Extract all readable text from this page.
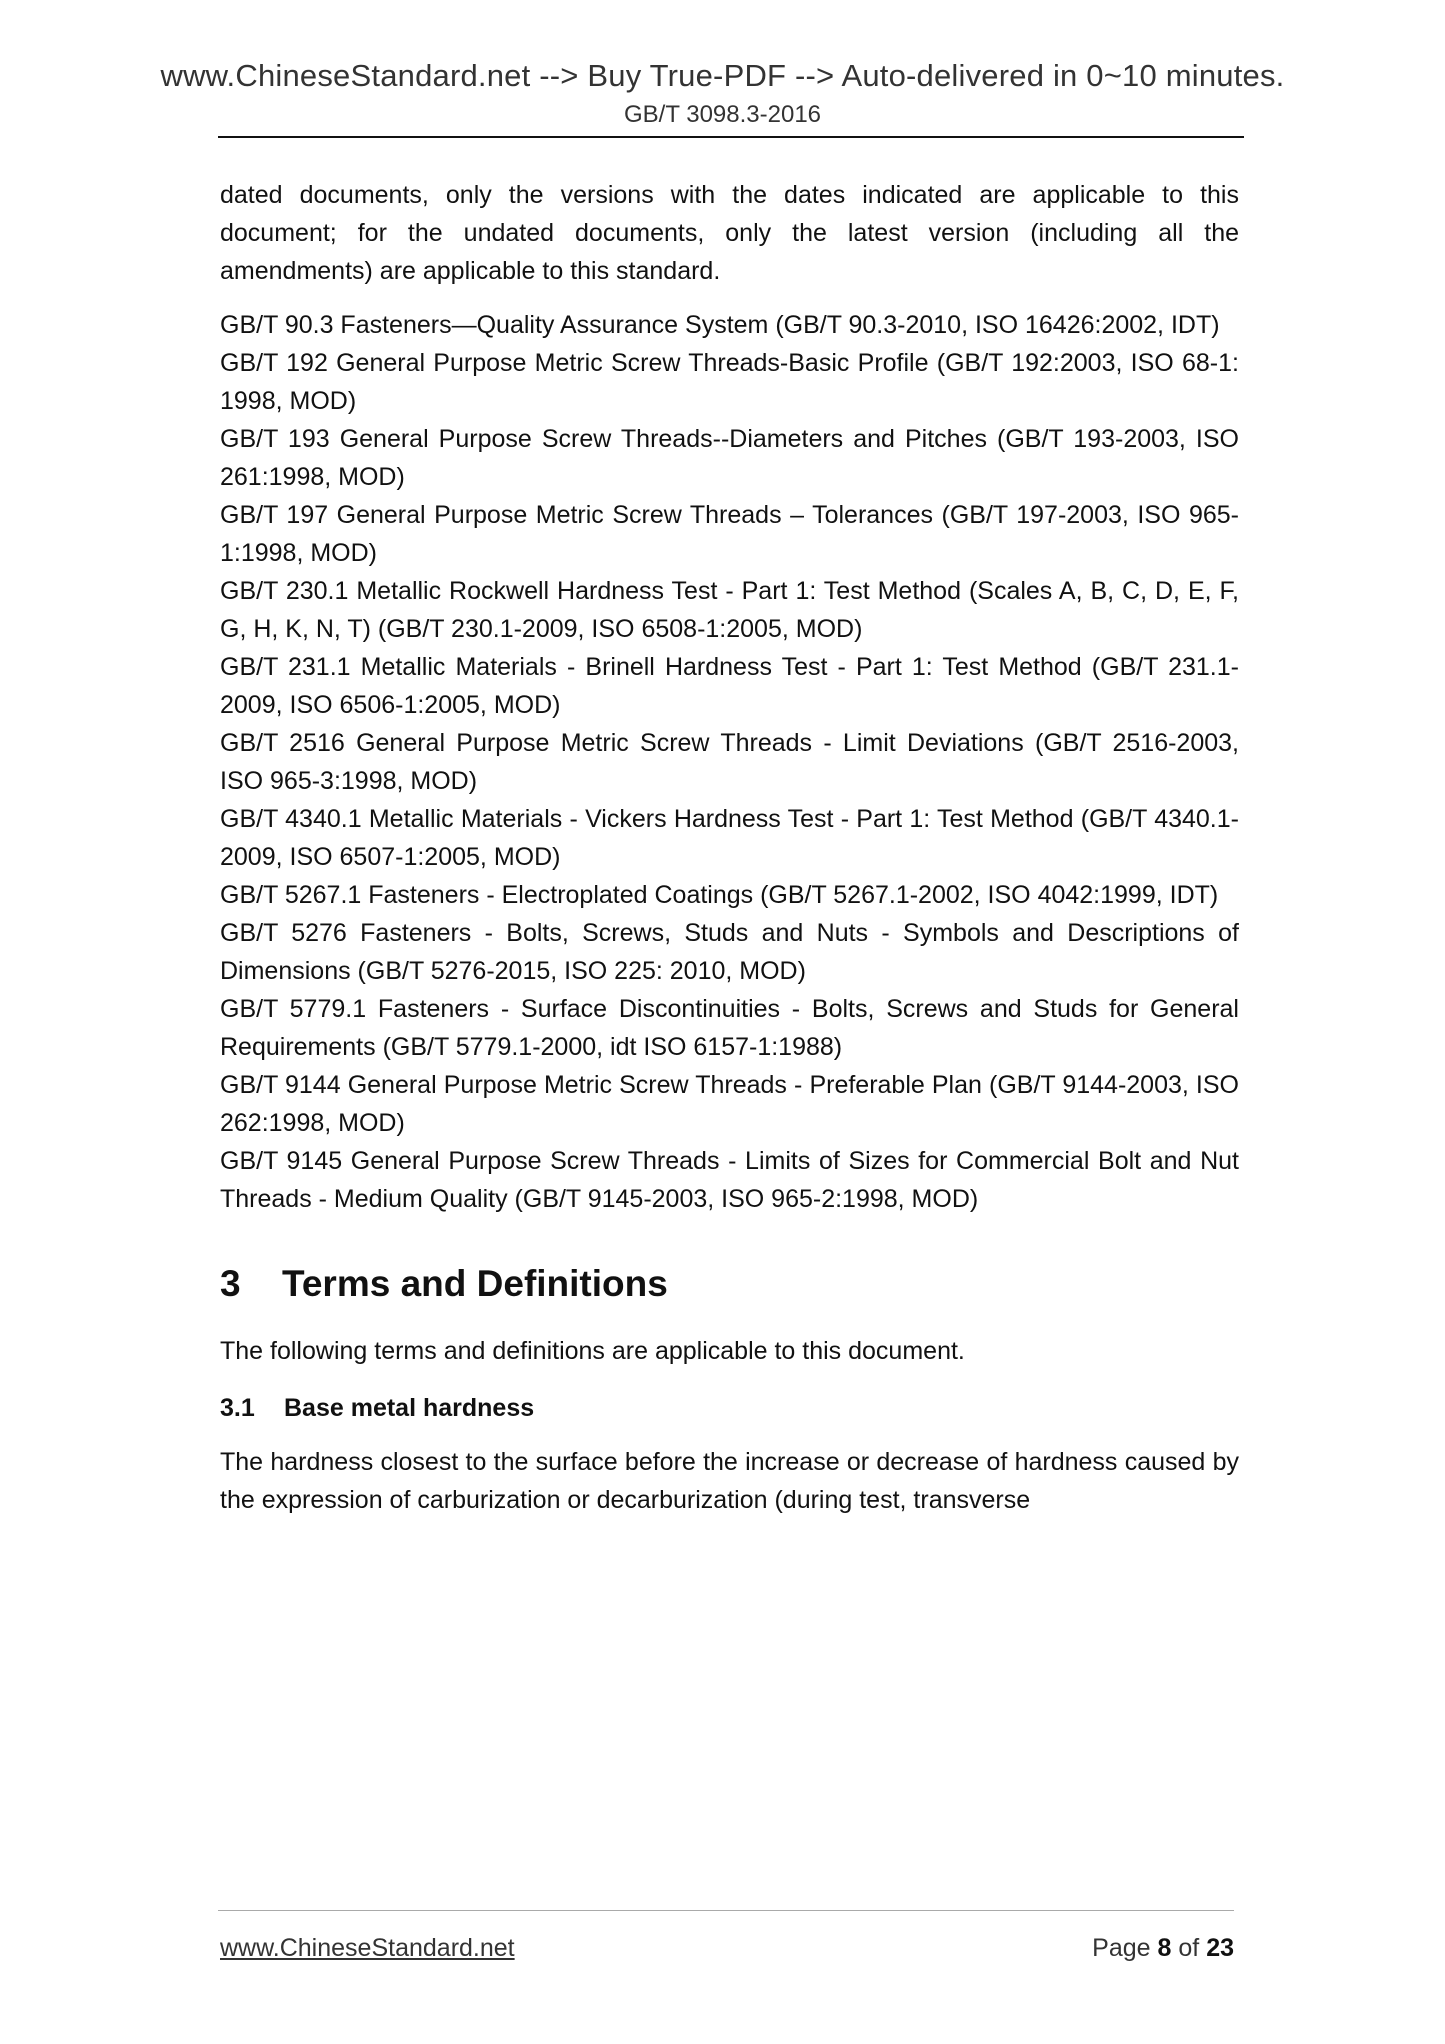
www.ChineseStandard.net --> Buy True-PDF --> Auto-delivered in 0~10 minutes.
GB/T 3098.3-2016

dated documents, only the versions with the dates indicated are applicable to this document; for the undated documents, only the latest version (including all the amendments) are applicable to this standard.

GB/T 90.3 Fasteners—Quality Assurance System (GB/T 90.3-2010, ISO 16426:2002, IDT)

GB/T 192 General Purpose Metric Screw Threads-Basic Profile (GB/T 192:2003, ISO 68-1: 1998, MOD)

GB/T 193 General Purpose Screw Threads--Diameters and Pitches (GB/T 193-2003, ISO 261:1998, MOD)

GB/T 197 General Purpose Metric Screw Threads – Tolerances (GB/T 197-2003, ISO 965-1:1998, MOD)

GB/T 230.1 Metallic Rockwell Hardness Test - Part 1: Test Method (Scales A, B, C, D, E, F, G, H, K, N, T) (GB/T 230.1-2009, ISO 6508-1:2005, MOD)

GB/T 231.1 Metallic Materials - Brinell Hardness Test - Part 1: Test Method (GB/T 231.1-2009, ISO 6506-1:2005, MOD)

GB/T 2516 General Purpose Metric Screw Threads - Limit Deviations (GB/T 2516-2003, ISO 965-3:1998, MOD)

GB/T 4340.1 Metallic Materials - Vickers Hardness Test - Part 1: Test Method (GB/T 4340.1-2009, ISO 6507-1:2005, MOD)

GB/T 5267.1 Fasteners - Electroplated Coatings (GB/T 5267.1-2002, ISO 4042:1999, IDT)

GB/T 5276 Fasteners - Bolts, Screws, Studs and Nuts - Symbols and Descriptions of Dimensions (GB/T 5276-2015, ISO 225: 2010, MOD)

GB/T 5779.1 Fasteners - Surface Discontinuities - Bolts, Screws and Studs for General Requirements (GB/T 5779.1-2000, idt ISO 6157-1:1988)

GB/T 9144 General Purpose Metric Screw Threads - Preferable Plan (GB/T 9144-2003, ISO 262:1998, MOD)

GB/T 9145 General Purpose Screw Threads - Limits of Sizes for Commercial Bolt and Nut Threads - Medium Quality (GB/T 9145-2003, ISO 965-2:1998, MOD)

3 Terms and Definitions

The following terms and definitions are applicable to this document.

3.1 Base metal hardness

The hardness closest to the surface before the increase or decrease of hardness caused by the expression of carburization or decarburization (during test, transverse

www.ChineseStandard.net	Page 8 of 23
